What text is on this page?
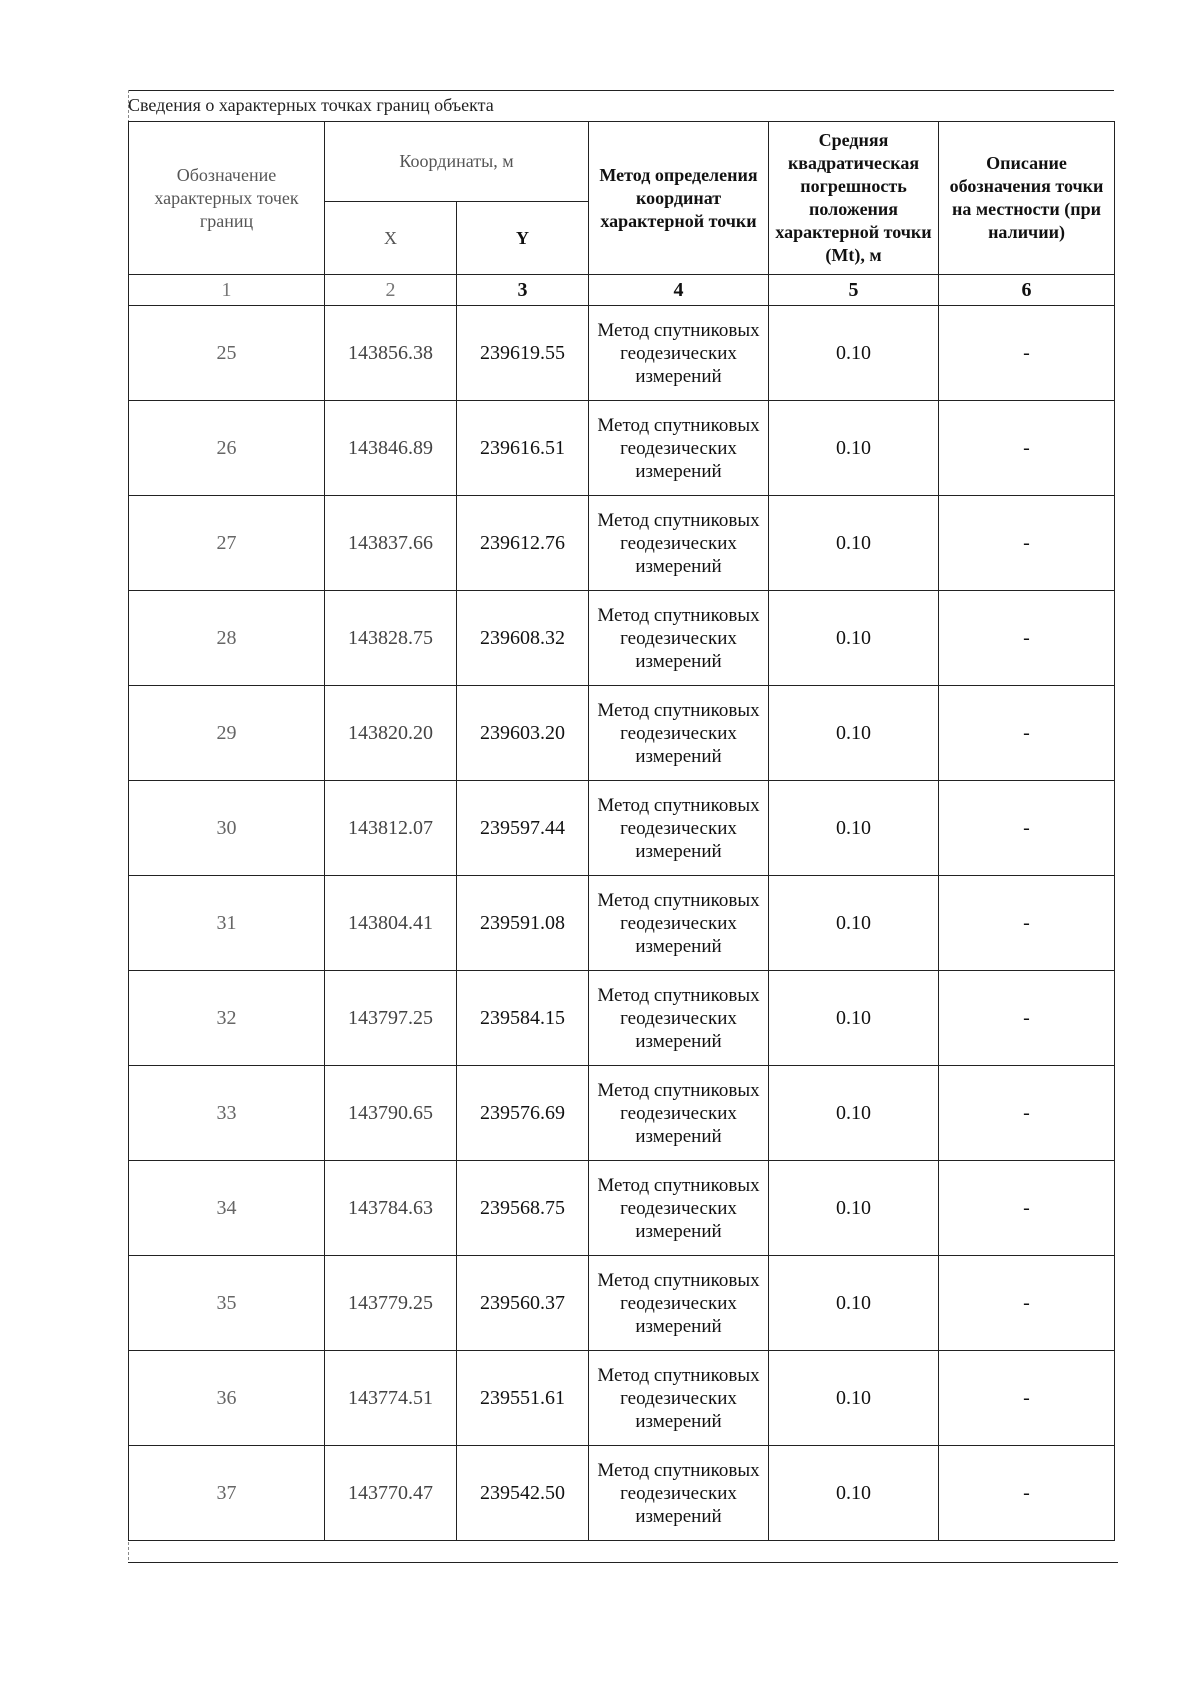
Сведения о характерных точках границ объекта
Обозначение характерных точек границ	Координаты, м		Метод определения координат характерной точки	Средняя квадратическая погрешность положения характерной точки (Mt), м	Описание обозначения точки на местности (при наличии)
	X	Y			
1	2	3	4	5	6
25	143856.38	239619.55	Метод спутниковых геодезических измерений	0.10	-
26	143846.89	239616.51	Метод спутниковых геодезических измерений	0.10	-
27	143837.66	239612.76	Метод спутниковых геодезических измерений	0.10	-
28	143828.75	239608.32	Метод спутниковых геодезических измерений	0.10	-
29	143820.20	239603.20	Метод спутниковых геодезических измерений	0.10	-
30	143812.07	239597.44	Метод спутниковых геодезических измерений	0.10	-
31	143804.41	239591.08	Метод спутниковых геодезических измерений	0.10	-
32	143797.25	239584.15	Метод спутниковых геодезических измерений	0.10	-
33	143790.65	239576.69	Метод спутниковых геодезических измерений	0.10	-
34	143784.63	239568.75	Метод спутниковых геодезических измерений	0.10	-
35	143779.25	239560.37	Метод спутниковых геодезических измерений	0.10	-
36	143774.51	239551.61	Метод спутниковых геодезических измерений	0.10	-
37	143770.47	239542.50	Метод спутниковых геодезических измерений	0.10	-
